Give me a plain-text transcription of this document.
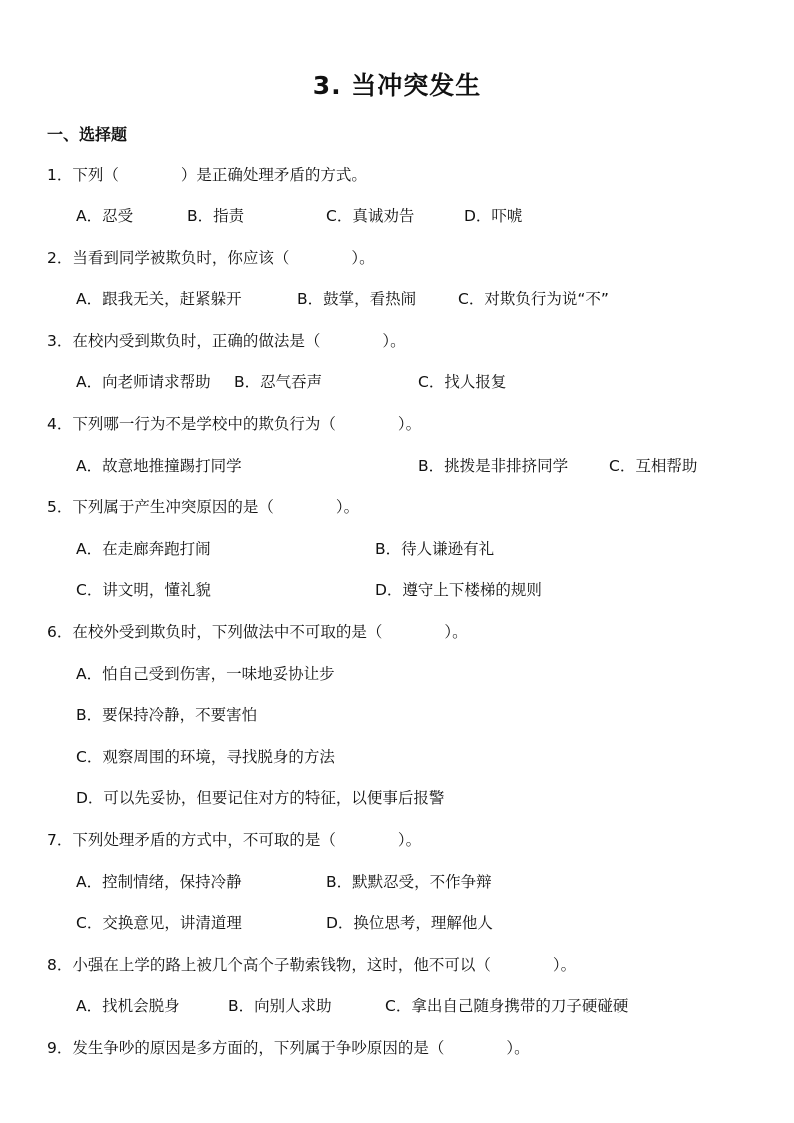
3. 当冲突发生
一、选择题
1．下列（　　　　）是正确处理矛盾的方式。
A．忍受	B．指责	C．真诚劝告	D．吓唬
2．当看到同学被欺负时，你应该（　　　　）。
A．跟我无关，赶紧躲开	B．鼓掌，看热闹	C．对欺负行为说“不”
3．在校内受到欺负时，正确的做法是（　　　　）。
A．向老师请求帮助 B．忍气吞声	C．找人报复
4．下列哪一行为不是学校中的欺负行为（　　　　）。
A．故意地推撞踢打同学	B．挑拨是非排挤同学	C．互相帮助
5．下列属于产生冲突原因的是（　　　　）。
A．在走廊奔跑打闹	B．待人谦逊有礼
C．讲文明，懂礼貌	D．遵守上下楼梯的规则
6．在校外受到欺负时，下列做法中不可取的是（　　　　）。
A．怕自己受到伤害，一味地妥协让步
B．要保持冷静，不要害怕
C．观察周围的环境，寻找脱身的方法
D．可以先妥协，但要记住对方的特征，以便事后报警
7．下列处理矛盾的方式中，不可取的是（　　　　）。
A．控制情绪，保持冷静	B．默默忍受，不作争辩
C．交换意见，讲清道理	D．换位思考，理解他人
8．小强在上学的路上被几个高个子勒索钱物，这时，他不可以（　　　　）。
A．找机会脱身	B．向别人求助	C．拿出自己随身携带的刀子硬碰硬
9．发生争吵的原因是多方面的，下列属于争吵原因的是（　　　　）。
